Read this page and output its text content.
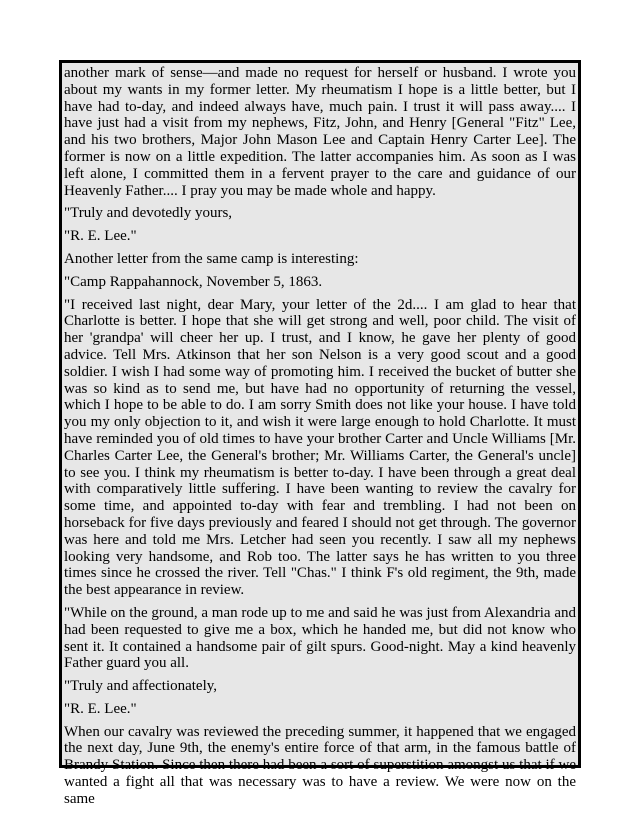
another mark of sense—and made no request for herself or husband. I wrote you about my wants in my former letter. My rheumatism I hope is a little better, but I have had to-day, and indeed always have, much pain. I trust it will pass away.... I have just had a visit from my nephews, Fitz, John, and Henry [General "Fitz" Lee, and his two brothers, Major John Mason Lee and Captain Henry Carter Lee]. The former is now on a little expedition. The latter accompanies him. As soon as I was left alone, I committed them in a fervent prayer to the care and guidance of our Heavenly Father.... I pray you may be made whole and happy.

"Truly and devotedly yours,

"R. E. Lee."

Another letter from the same camp is interesting:

"Camp Rappahannock, November 5, 1863.

"I received last night, dear Mary, your letter of the 2d.... I am glad to hear that Charlotte is better. I hope that she will get strong and well, poor child. The visit of her 'grandpa' will cheer her up. I trust, and I know, he gave her plenty of good advice. Tell Mrs. Atkinson that her son Nelson is a very good scout and a good soldier. I wish I had some way of promoting him. I received the bucket of butter she was so kind as to send me, but have had no opportunity of returning the vessel, which I hope to be able to do. I am sorry Smith does not like your house. I have told you my only objection to it, and wish it were large enough to hold Charlotte. It must have reminded you of old times to have your brother Carter and Uncle Williams [Mr. Charles Carter Lee, the General's brother; Mr. Williams Carter, the General's uncle] to see you. I think my rheumatism is better to-day. I have been through a great deal with comparatively little suffering. I have been wanting to review the cavalry for some time, and appointed to-day with fear and trembling. I had not been on horseback for five days previously and feared I should not get through. The governor was here and told me Mrs. Letcher had seen you recently. I saw all my nephews looking very handsome, and Rob too. The latter says he has written to you three times since he crossed the river. Tell "Chas." I think F's old regiment, the 9th, made the best appearance in review.

"While on the ground, a man rode up to me and said he was just from Alexandria and had been requested to give me a box, which he handed me, but did not know who sent it. It contained a handsome pair of gilt spurs. Good-night. May a kind heavenly Father guard you all.

"Truly and affectionately,

"R. E. Lee."

When our cavalry was reviewed the preceding summer, it happened that we engaged the next day, June 9th, the enemy's entire force of that arm, in the famous battle of Brandy Station. Since then there had been a sort of superstition amongst us that if we wanted a fight all that was necessary was to have a review. We were now on the same
